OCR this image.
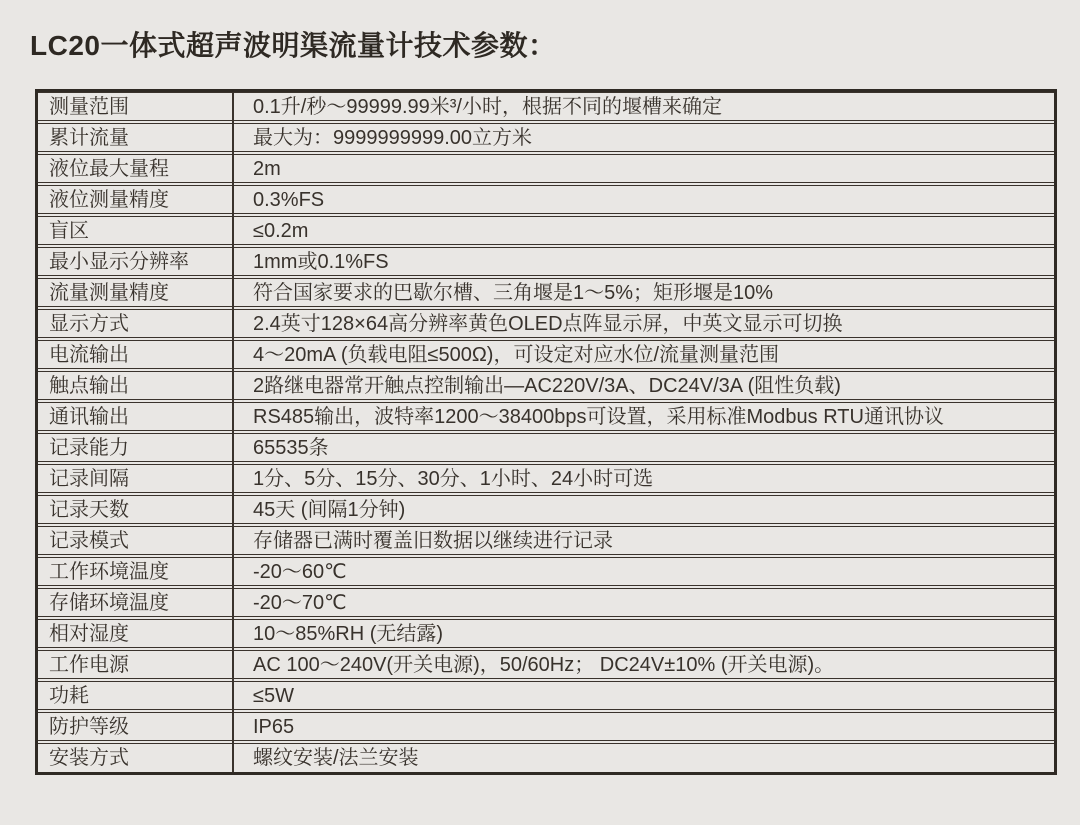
LC20一体式超声波明渠流量计技术参数：
测量范围	0.1升/秒～99999.99米³/小时，根据不同的堰槽来确定
累计流量	最大为：9999999999.00立方米
液位最大量程	2m
液位测量精度	0.3%FS
盲区	≤0.2m
最小显示分辨率	1mm或0.1%FS
流量测量精度	符合国家要求的巴歇尔槽、三角堰是1～5%；矩形堰是10%
显示方式	2.4英寸128×64高分辨率黄色OLED点阵显示屏，中英文显示可切换
电流输出	4～20mA (负载电阻≤500Ω)，可设定对应水位/流量测量范围
触点输出	2路继电器常开触点控制输出—AC220V/3A、DC24V/3A (阻性负载)
通讯输出	RS485输出，波特率1200～38400bps可设置，采用标准Modbus RTU通讯协议
记录能力	65535条
记录间隔	1分、5分、15分、30分、1小时、24小时可选
记录天数	45天 (间隔1分钟)
记录模式	存储器已满时覆盖旧数据以继续进行记录
工作环境温度	-20～60℃
存储环境温度	-20～70℃
相对湿度	10～85%RH (无结露)
工作电源	AC 100～240V(开关电源)，50/60Hz； DC24V±10% (开关电源)。
功耗	≤5W
防护等级	IP65
安装方式	螺纹安装/法兰安装
